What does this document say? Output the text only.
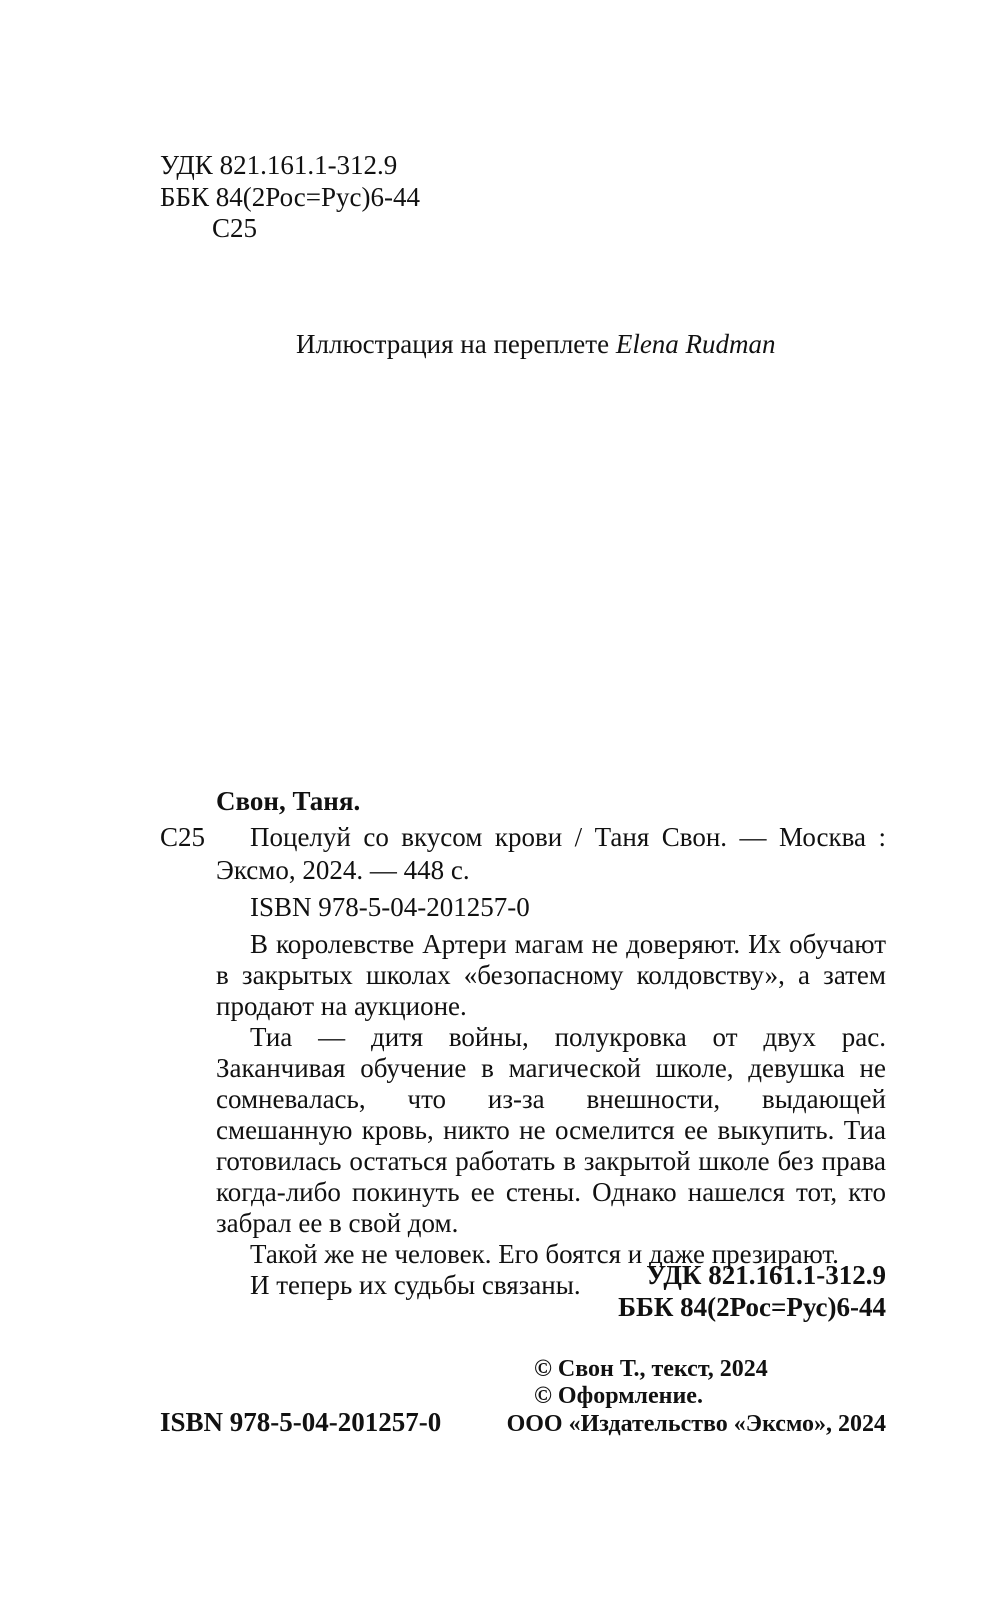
УДК 821.161.1-312.9
ББК 84(2Рос=Рус)6-44
С25
Иллюстрация на переплете Elena Rudman
Свон, Таня.
С25 Поцелуй со вкусом крови / Таня Свон. — Москва :
Эксмо, 2024. — 448 с.
ISBN 978-5-04-201257-0

В королевстве Артери магам не доверяют. Их обучают в закрытых школах «безопасному колдовству», а затем продают на аукционе.

Тиа — дитя войны, полукровка от двух рас. Заканчивая обучение в магической школе, девушка не сомневалась, что из-за внешности, выдающей смешанную кровь, никто не осмелится ее выкупить. Тиа готовилась остаться работать в закрытой школе без права когда-либо покинуть ее стены. Однако нашелся тот, кто забрал ее в свой дом.

Такой же не человек. Его боятся и даже презирают.

И теперь их судьбы связаны.	УДК 821.161.1-312.9
ББК 84(2Рос=Рус)6-44
ISBN 978-5-04-201257-0
© Свон Т., текст, 2024
© Оформление.
ООО «Издательство «Эксмо», 2024
